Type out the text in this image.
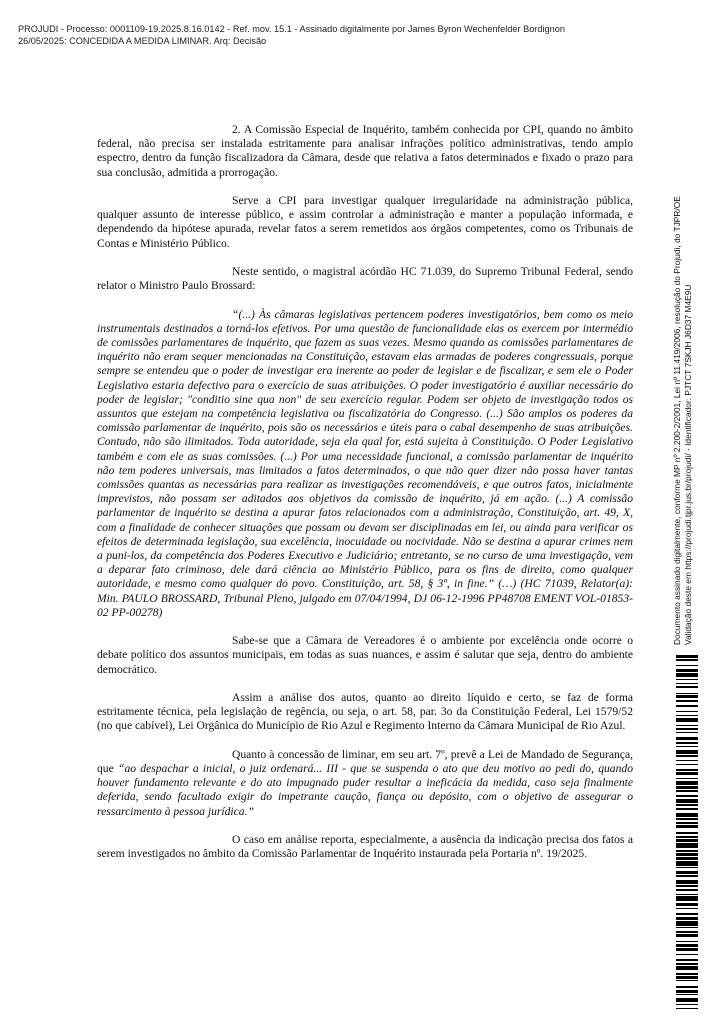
PROJUDI - Processo: 0001109-19.2025.8.16.0142 - Ref. mov. 15.1 - Assinado digitalmente por James Byron Wechenfelder Bordignon
26/05/2025: CONCEDIDA A MEDIDA LIMINAR. Arq: Decisão

2. A Comissão Especial de Inquérito, também conhecida por CPI, quando no âmbito federal, não precisa ser instalada estritamente para analisar infrações político administrativas, tendo amplo espectro, dentro da função fiscalizadora da Câmara, desde que relativa a fatos determinados e fixado o prazo para sua conclusão, admitida a prorrogação.

Serve a CPI para investigar qualquer irregularidade na administração pública, qualquer assunto de interesse público, e assim controlar a administração e manter a população informada, e dependendo da hipótese apurada, revelar fatos a serem remetidos aos órgãos competentes, como os Tribunais de Contas e Ministério Público.

Neste sentido, o magistral acórdão HC 71.039, do Supremo Tribunal Federal, sendo relator o Ministro Paulo Brossard:

“(...) Às câmaras legislativas pertencem poderes investigatórios, bem como os meio instrumentais destinados a torná-los efetivos. Por uma questão de funcionalidade elas os exercem por intermédio de comissões parlamentares de inquérito, que fazem as suas vezes. Mesmo quando as comissões parlamentares de inquérito não eram sequer mencionadas na Constituição, estavam elas armadas de poderes congressuais, porque sempre se entendeu que o poder de investigar era inerente ao poder de legislar e de fiscalizar, e sem ele o Poder Legislativo estaria defectivo para o exercício de suas atribuições. O poder investigatório é auxiliar necessário do poder de legislar; "conditio sine qua non" de seu exercício regular. Podem ser objeto de investigação todos os assuntos que estejam na competência legislativa ou fiscalizatória do Congresso. (...) São amplos os poderes da comissão parlamentar de inquérito, pois são os necessários e úteis para o cabal desempenho de suas atribuições. Contudo, não são ilimitados. Toda autoridade, seja ela qual for, está sujeita à Constituição. O Poder Legislativo também e com ele as suas comissões. (...) Por uma necessidade funcional, a comissão parlamentar de inquérito não tem poderes universais, mas limitados a fatos determinados, o que não quer dizer não possa haver tantas comissões quantas as necessárias para realizar as investigações recomendáveis, e que outros fatos, inicialmente imprevistos, não possam ser aditados aos objetivos da comissão de inquérito, já em ação. (...) A comissão parlamentar de inquérito se destina a apurar fatos relacionados com a administração, Constituição, art. 49, X, com a finalidade de conhecer situações que possam ou devam ser disciplinadas em lei, ou ainda para verificar os efeitos de determinada legislação, sua excelência, inocuidade ou nocividade. Não se destina a apurar crimes nem a puni-los, da competência dos Poderes Executivo e Judiciário; entretanto, se no curso de uma investigação, vem a deparar fato criminoso, dele dará ciência ao Ministério Público, para os fins de direito, como qualquer autoridade, e mesmo como qualquer do povo. Constituição, art. 58, § 3º, in fine.” (…) (HC 71039, Relator(a): Min. PAULO BROSSARD, Tribunal Pleno, julgado em 07/04/1994, DJ 06-12-1996 PP48708 EMENT VOL-01853-02 PP-00278)

Sabe-se que a Câmara de Vereadores é o ambiente por excelência onde ocorre o debate político dos assuntos municipais, em todas as suas nuances, e assim é salutar que seja, dentro do ambiente democrático.

Assim a análise dos autos, quanto ao direito líquido e certo, se faz de forma estritamente técnica, pela legislação de regência, ou seja, o art. 58, par. 3o da Constituição Federal, Lei 1579/52 (no que cabível), Lei Orgânica do Município de Rio Azul e Regimento Interno da Câmara Municipal de Rio Azul.

Quanto à concessão de liminar, em seu art. 7º, prevê a Lei de Mandado de Segurança, que “ao despachar a inicial, o juiz ordenará... III - que se suspenda o ato que deu motivo ao pedi do, quando houver fundamento relevante e do ato impugnado puder resultar a ineficácia da medida, caso seja finalmente deferida, sendo facultado exigir do impetrante caução, fiança ou depósito, com o objetivo de assegurar o ressarcimento à pessoa jurídica.”

O caso em análise reporta, especialmente, a ausência da indicação precisa dos fatos a serem investigados no âmbito da Comissão Parlamentar de Inquérito instaurada pela Portaria nº. 19/2025.

Documento assinado digitalmente, conforme MP nº 2.200-2/2001, Lei nº 11.419/2006, resolução do Projudi, do TJPR/OE Validação deste em https://projudi.tjpr.jus.br/projudi/ - Identificador: PJTCT 7SKJH J6D37 M4E9U
